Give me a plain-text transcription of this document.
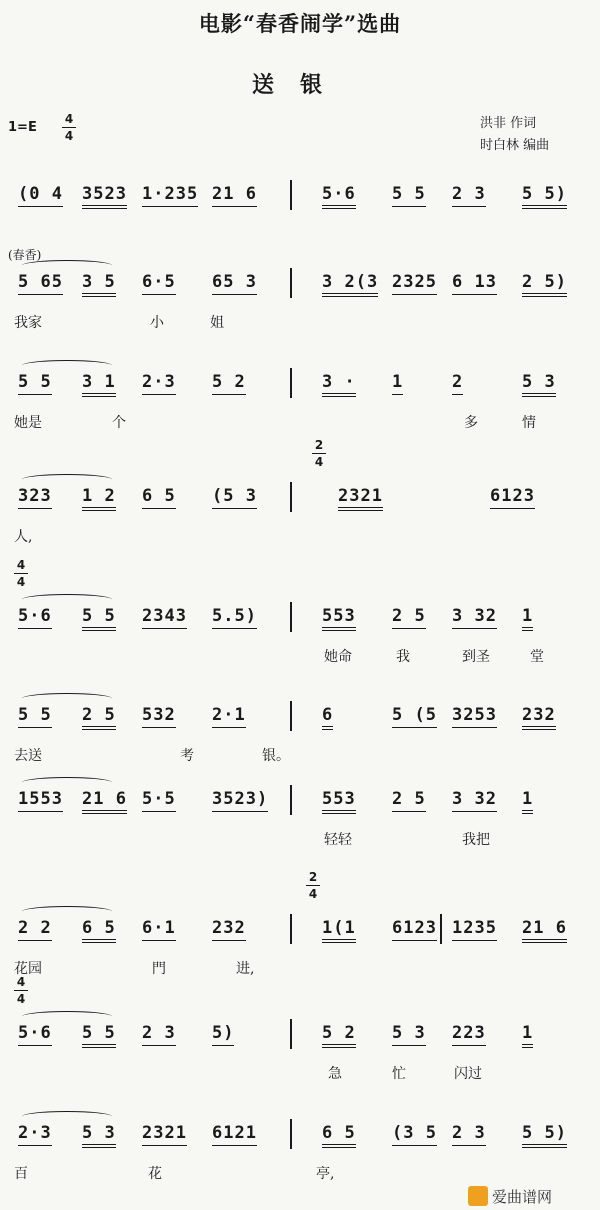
电影“春香闹学”选曲
送银
洪非 作词
时白林 编曲
1=E
4
4
(春香)
(0 4 3523 1·235 21 6	5·6 5 5 2 3 5 5)
5 65 3 5 6·5 65 3	3 2(3 2325 6 13 2 5)
我家	小	姐
5 5 3 1 2·3 5 2	3 · 1	2	5 3
她是	个	多	情
323 1 2 6 5 (5 3	2321	6123
人,
2
4
5·6 5 5 2343 5.5)	553 2 5 3 32 1
她命	我	到圣	堂
4
4
5 5 2 5 532 2·1	6	5 (5 3253 232
去送	考	银。
1553 21 6 5·5 3523)	553 2 5 3 32 1
轻轻	我把
2 2 6 5 6·1 232	1(1 6123 1235 21 6
花园	門	进,
2
4
5·6 5 5 2 3 5)	5 2 5 3 223 1
急	忙	闪过
4
4
2·3 5 3 2321 6121	6 5 (3 5 2 3 5 5)
百	花	亭,
爱曲谱网
